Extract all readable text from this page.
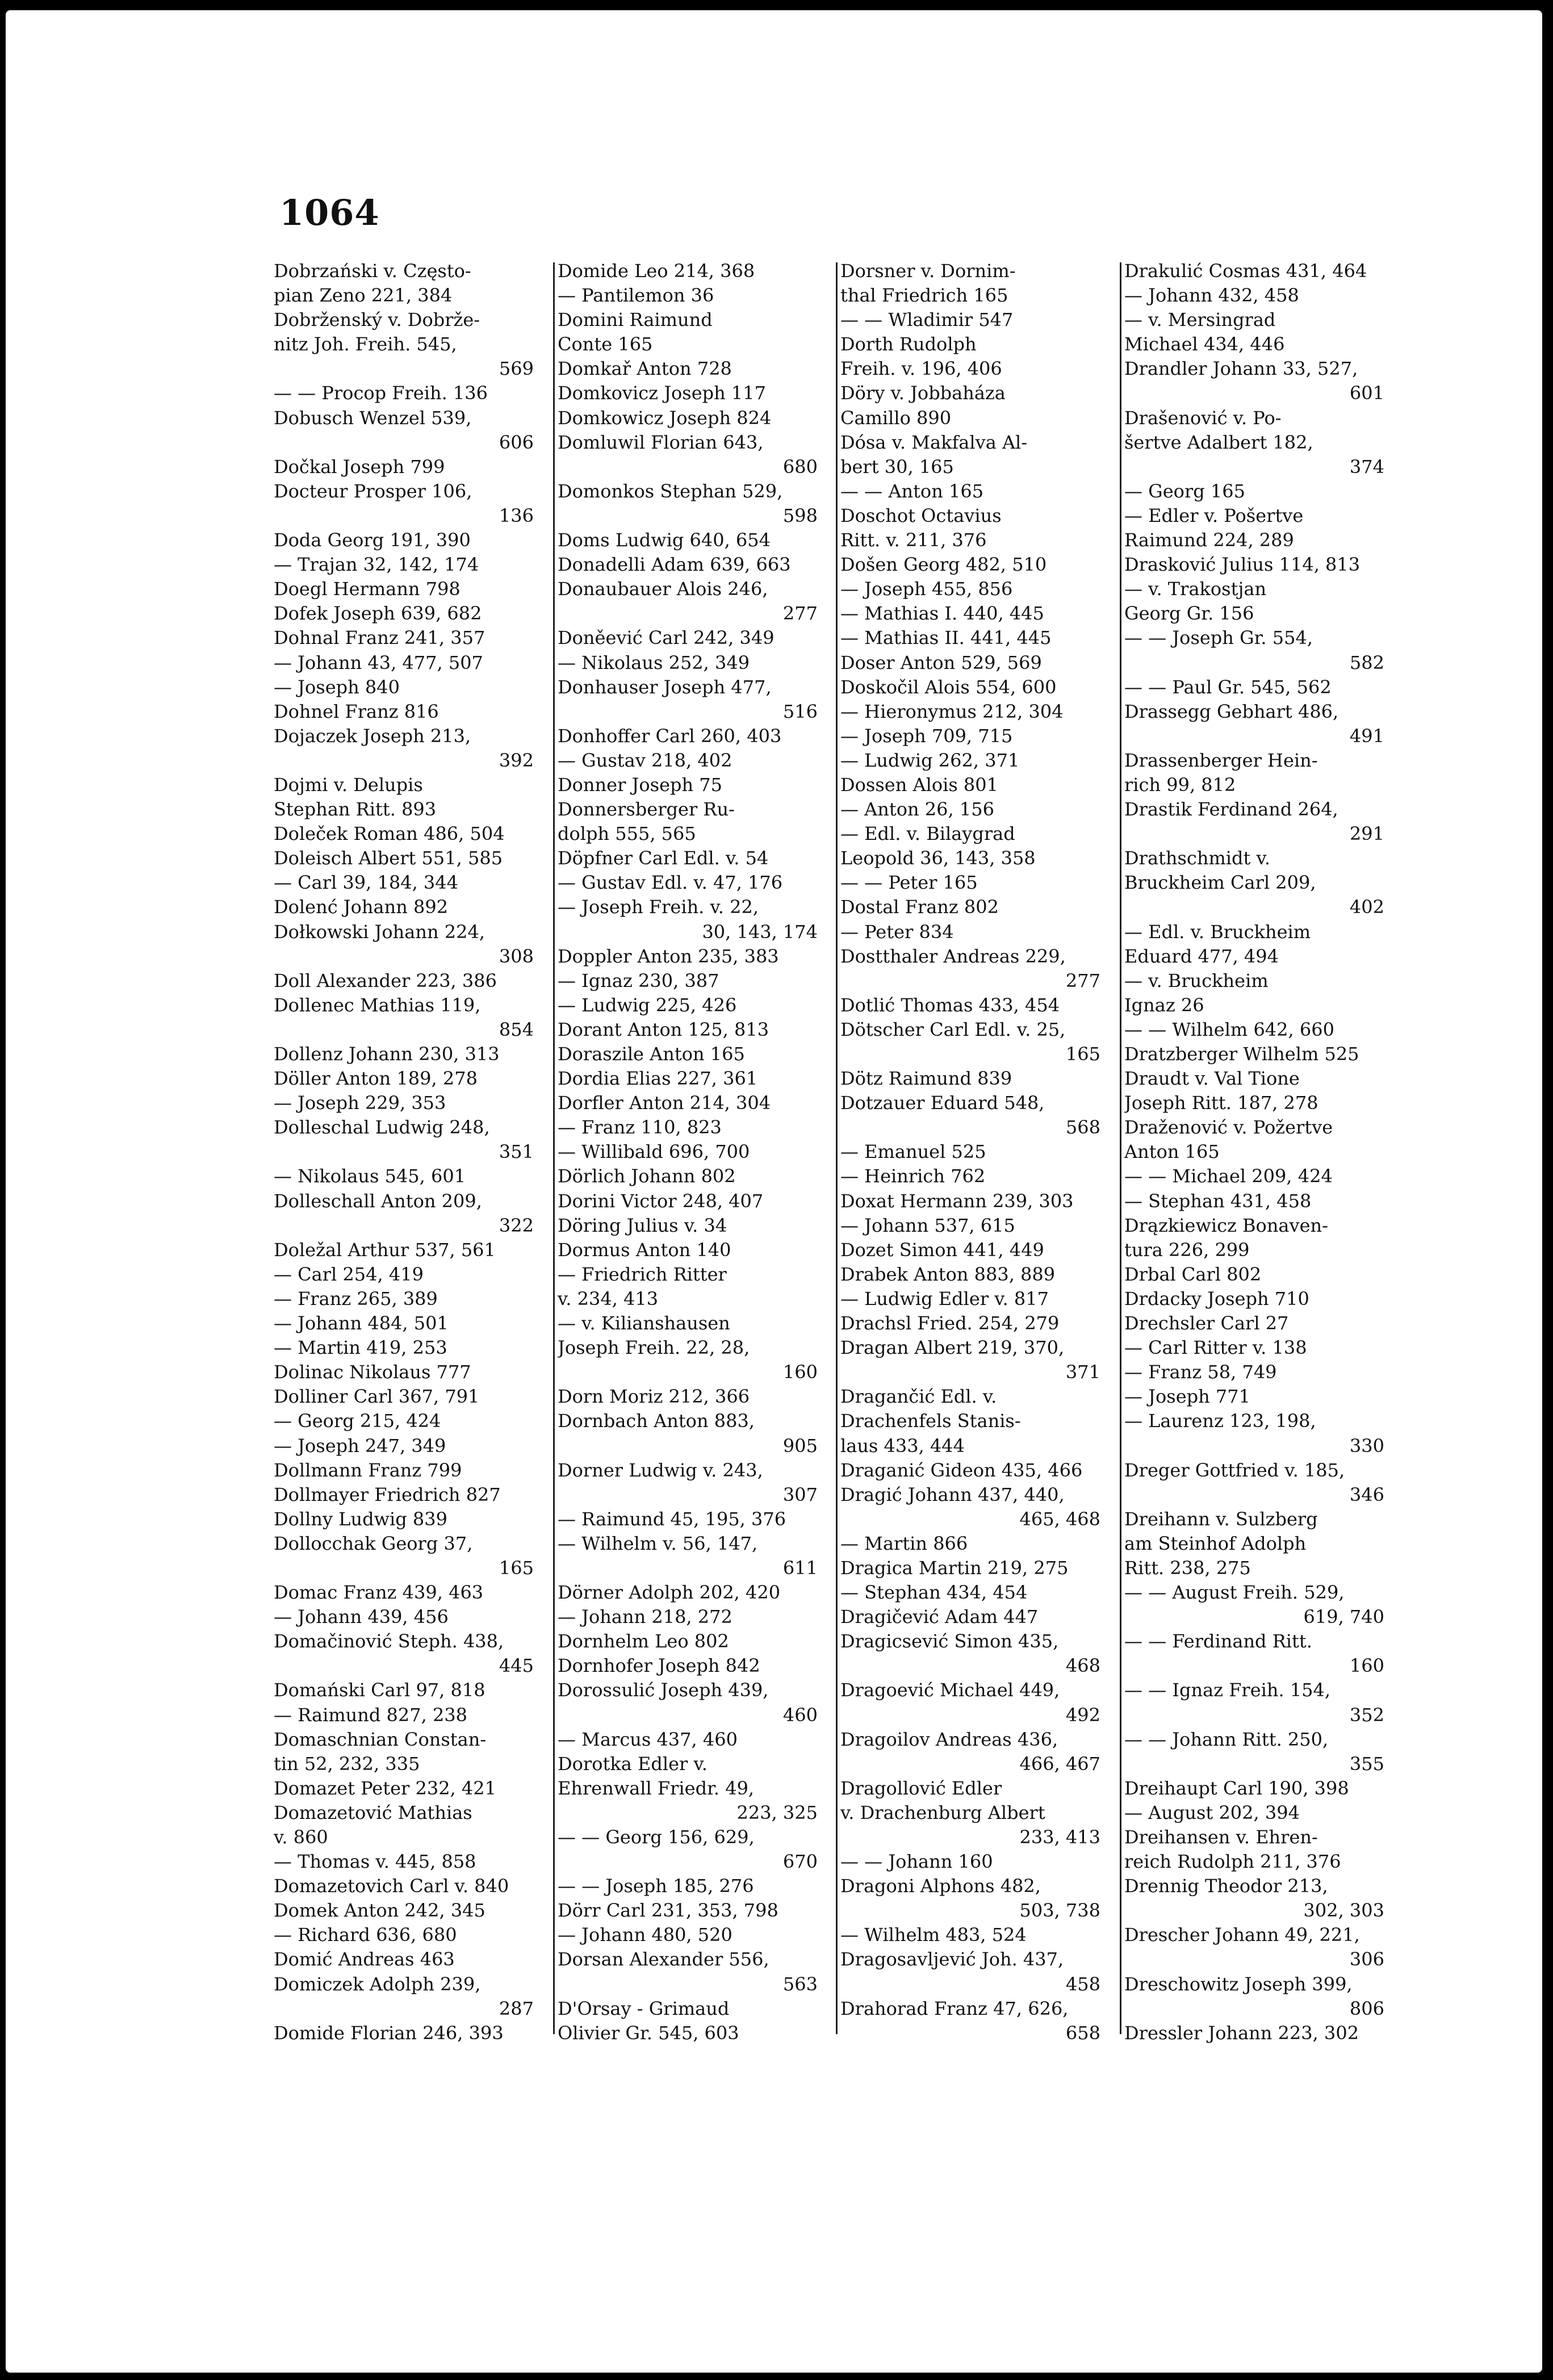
1064
Dobrzański v. Często-
pian Zeno 221, 384
Dobrženský v. Dobrže-
nitz Joh. Freih. 545,
569
— — Procop Freih. 136
Dobusch Wenzel 539,
606
Dočkal Joseph 799
Docteur Prosper 106,
136
Doda Georg 191, 390
— Trajan 32, 142, 174
Doegl Hermann 798
Dofek Joseph 639, 682
Dohnal Franz 241, 357
— Johann 43, 477, 507
— Joseph 840
Dohnel Franz 816
Dojaczek Joseph 213,
392
Dojmi v. Delupis
Stephan Ritt. 893
Doleček Roman 486, 504
Doleisch Albert 551, 585
— Carl 39, 184, 344
Dolenć Johann 892
Dołkowski Johann 224,
308
Doll Alexander 223, 386
Dollenec Mathias 119,
854
Dollenz Johann 230, 313
Döller Anton 189, 278
— Joseph 229, 353
Dolleschal Ludwig 248,
351
— Nikolaus 545, 601
Dolleschall Anton 209,
322
Doležal Arthur 537, 561
— Carl 254, 419
— Franz 265, 389
— Johann 484, 501
— Martin 419, 253
Dolinac Nikolaus 777
Dolliner Carl 367, 791
— Georg 215, 424
— Joseph 247, 349
Dollmann Franz 799
Dollmayer Friedrich 827
Dollny Ludwig 839
Dollocchak Georg 37,
165
Domac Franz 439, 463
— Johann 439, 456
Domačinović Steph. 438,
445
Domański Carl 97, 818
— Raimund 827, 238
Domaschnian Constan-
tin 52, 232, 335
Domazet Peter 232, 421
Domazetović Mathias
v. 860
— Thomas v. 445, 858
Domazetovich Carl v. 840
Domek Anton 242, 345
— Richard 636, 680
Domić Andreas 463
Domiczek Adolph 239,
287
Domide Florian 246, 393
Domide Leo 214, 368
— Pantilemon 36
Domini Raimund
Conte 165
Domkař Anton 728
Domkovicz Joseph 117
Domkowicz Joseph 824
Domluwil Florian 643,
680
Domonkos Stephan 529,
598
Doms Ludwig 640, 654
Donadelli Adam 639, 663
Donaubauer Alois 246,
277
Doněević Carl 242, 349
— Nikolaus 252, 349
Donhauser Joseph 477,
516
Donhoffer Carl 260, 403
— Gustav 218, 402
Donner Joseph 75
Donnersberger Ru-
dolph 555, 565
Döpfner Carl Edl. v. 54
— Gustav Edl. v. 47, 176
— Joseph Freih. v. 22,
30, 143, 174
Doppler Anton 235, 383
— Ignaz 230, 387
— Ludwig 225, 426
Dorant Anton 125, 813
Doraszile Anton 165
Dordia Elias 227, 361
Dorfler Anton 214, 304
— Franz 110, 823
— Willibald 696, 700
Dörlich Johann 802
Dorini Victor 248, 407
Döring Julius v. 34
Dormus Anton 140
— Friedrich Ritter
v. 234, 413
— v. Kilianshausen
Joseph Freih. 22, 28,
160
Dorn Moriz 212, 366
Dornbach Anton 883,
905
Dorner Ludwig v. 243,
307
— Raimund 45, 195, 376
— Wilhelm v. 56, 147,
611
Dörner Adolph 202, 420
— Johann 218, 272
Dornhelm Leo 802
Dornhofer Joseph 842
Dorossulić Joseph 439,
460
— Marcus 437, 460
Dorotka Edler v.
Ehrenwall Friedr. 49,
223, 325
— — Georg 156, 629,
670
— — Joseph 185, 276
Dörr Carl 231, 353, 798
— Johann 480, 520
Dorsan Alexander 556,
563
D'Orsay - Grimaud
Olivier Gr. 545, 603
Dorsner v. Dornim-
thal Friedrich 165
— — Wladimir 547
Dorth Rudolph
Freih. v. 196, 406
Döry v. Jobbaháza
Camillo 890
Dósa v. Makfalva Al-
bert 30, 165
— — Anton 165
Doschot Octavius
Ritt. v. 211, 376
Došen Georg 482, 510
— Joseph 455, 856
— Mathias I. 440, 445
— Mathias II. 441, 445
Doser Anton 529, 569
Doskočil Alois 554, 600
— Hieronymus 212, 304
— Joseph 709, 715
— Ludwig 262, 371
Dossen Alois 801
— Anton 26, 156
— Edl. v. Bilaygrad
Leopold 36, 143, 358
— — Peter 165
Dostal Franz 802
— Peter 834
Dostthaler Andreas 229,
277
Dotlić Thomas 433, 454
Dötscher Carl Edl. v. 25,
165
Dötz Raimund 839
Dotzauer Eduard 548,
568
— Emanuel 525
— Heinrich 762
Doxat Hermann 239, 303
— Johann 537, 615
Dozet Simon 441, 449
Drabek Anton 883, 889
— Ludwig Edler v. 817
Drachsl Fried. 254, 279
Dragan Albert 219, 370,
371
Dragančić Edl. v.
Drachenfels Stanis-
laus 433, 444
Draganić Gideon 435, 466
Dragić Johann 437, 440,
465, 468
— Martin 866
Dragica Martin 219, 275
— Stephan 434, 454
Dragičević Adam 447
Dragicsević Simon 435,
468
Dragoević Michael 449,
492
Dragoilov Andreas 436,
466, 467
Dragollović Edler
v. Drachenburg Albert
233, 413
— — Johann 160
Dragoni Alphons 482,
503, 738
— Wilhelm 483, 524
Dragosavljević Joh. 437,
458
Drahorad Franz 47, 626,
658
Drakulić Cosmas 431, 464
— Johann 432, 458
— v. Mersingrad
Michael 434, 446
Drandler Johann 33, 527,
601
Drašenović v. Po-
šertve Adalbert 182,
374
— Georg 165
— Edler v. Pošertve
Raimund 224, 289
Drasković Julius 114, 813
— v. Trakostjan
Georg Gr. 156
— — Joseph Gr. 554,
582
— — Paul Gr. 545, 562
Drassegg Gebhart 486,
491
Drassenberger Hein-
rich 99, 812
Drastik Ferdinand 264,
291
Drathschmidt v.
Bruckheim Carl 209,
402
— Edl. v. Bruckheim
Eduard 477, 494
— v. Bruckheim
Ignaz 26
— — Wilhelm 642, 660
Dratzberger Wilhelm 525
Draudt v. Val Tione
Joseph Ritt. 187, 278
Draženović v. Požertve
Anton 165
— — Michael 209, 424
— Stephan 431, 458
Drązkiewicz Bonaven-
tura 226, 299
Drbal Carl 802
Drdacky Joseph 710
Drechsler Carl 27
— Carl Ritter v. 138
— Franz 58, 749
— Joseph 771
— Laurenz 123, 198,
330
Dreger Gottfried v. 185,
346
Dreihann v. Sulzberg
am Steinhof Adolph
Ritt. 238, 275
— — August Freih. 529,
619, 740
— — Ferdinand Ritt.
160
— — Ignaz Freih. 154,
352
— — Johann Ritt. 250,
355
Dreihaupt Carl 190, 398
— August 202, 394
Dreihansen v. Ehren-
reich Rudolph 211, 376
Drennig Theodor 213,
302, 303
Drescher Johann 49, 221,
306
Dreschowitz Joseph 399,
806
Dressler Johann 223, 302
